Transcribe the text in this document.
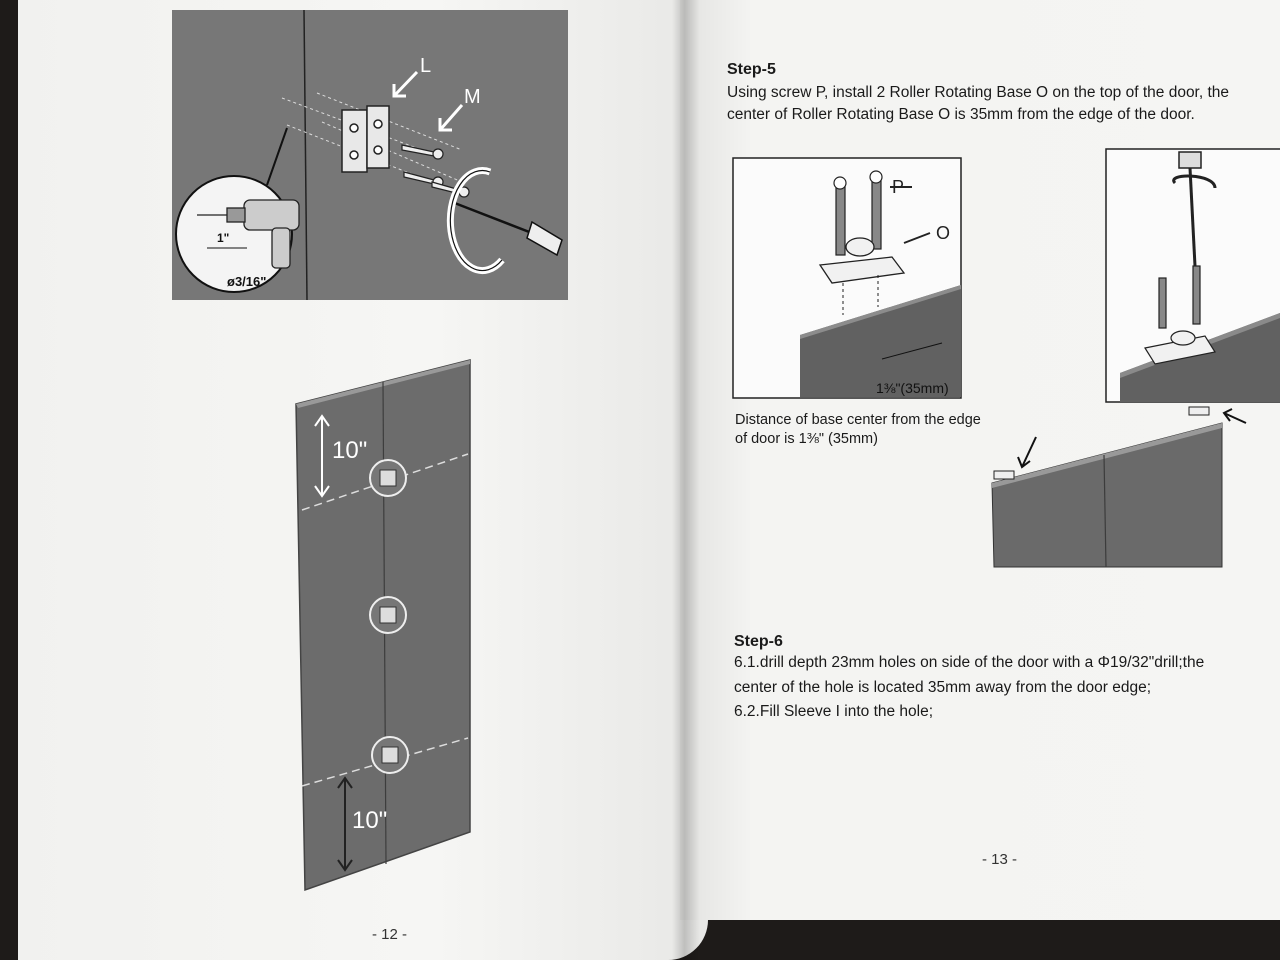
L
M
1"
ø3/16"
10"
10"
- 12 -
Step-5
Using screw P, install 2 Roller Rotating Base O on the top of the door, the
center of Roller Rotating Base O is 35mm from the edge of the door.
P
O
1⅜"(35mm)
Distance of base center from the edge
of door is 1⅜" (35mm)
Step-6
6.1.drill depth 23mm holes on side of the door with a Φ19/32"drill;the
center of the hole is located 35mm away from the door edge;
6.2.Fill Sleeve I into the hole;
- 13 -
